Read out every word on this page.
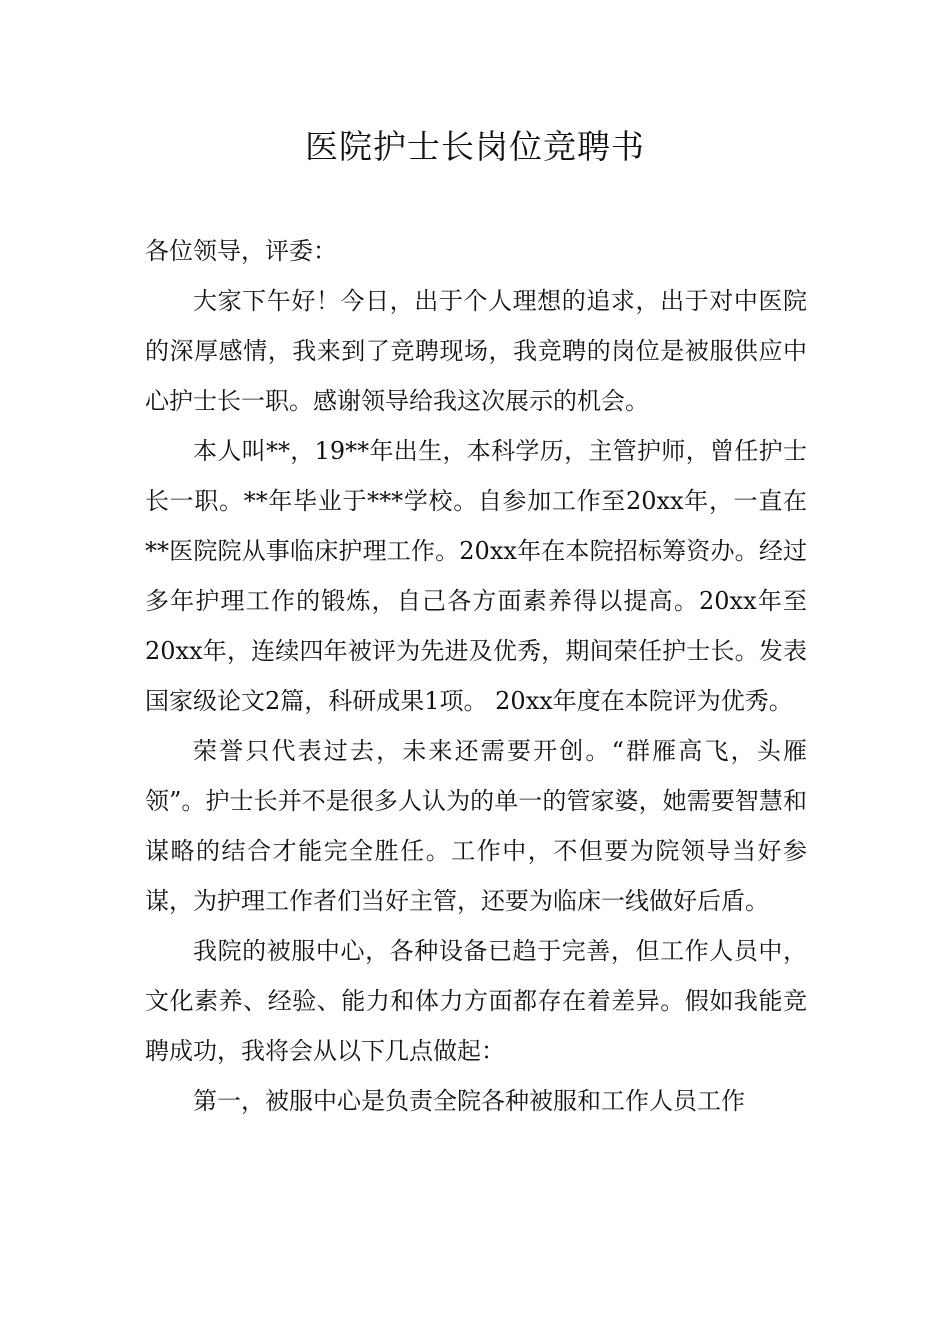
医院护士长岗位竞聘书

各位领导，评委：

大家下午好！今日，出于个人理想的追求，出于对中医院的深厚感情，我来到了竞聘现场，我竞聘的岗位是被服供应中心护士长一职。感谢领导给我这次展示的机会。

本人叫**，19**年出生，本科学历，主管护师，曾任护士长一职。**年毕业于***学校。自参加工作至20xx年，一直在**医院院从事临床护理工作。20xx年在本院招标筹资办。经过多年护理工作的锻炼，自己各方面素养得以提高。20xx年至20xx年，连续四年被评为先进及优秀，期间荣任护士长。发表国家级论文2篇，科研成果1项。 20xx年度在本院评为优秀。

荣誉只代表过去，未来还需要开创。“群雁高飞，头雁领”。护士长并不是很多人认为的单一的管家婆，她需要智慧和谋略的结合才能完全胜任。工作中，不但要为院领导当好参谋，为护理工作者们当好主管，还要为临床一线做好后盾。

我院的被服中心，各种设备已趋于完善，但工作人员中，文化素养、经验、能力和体力方面都存在着差异。假如我能竞聘成功，我将会从以下几点做起：

第一，被服中心是负责全院各种被服和工作人员工作
